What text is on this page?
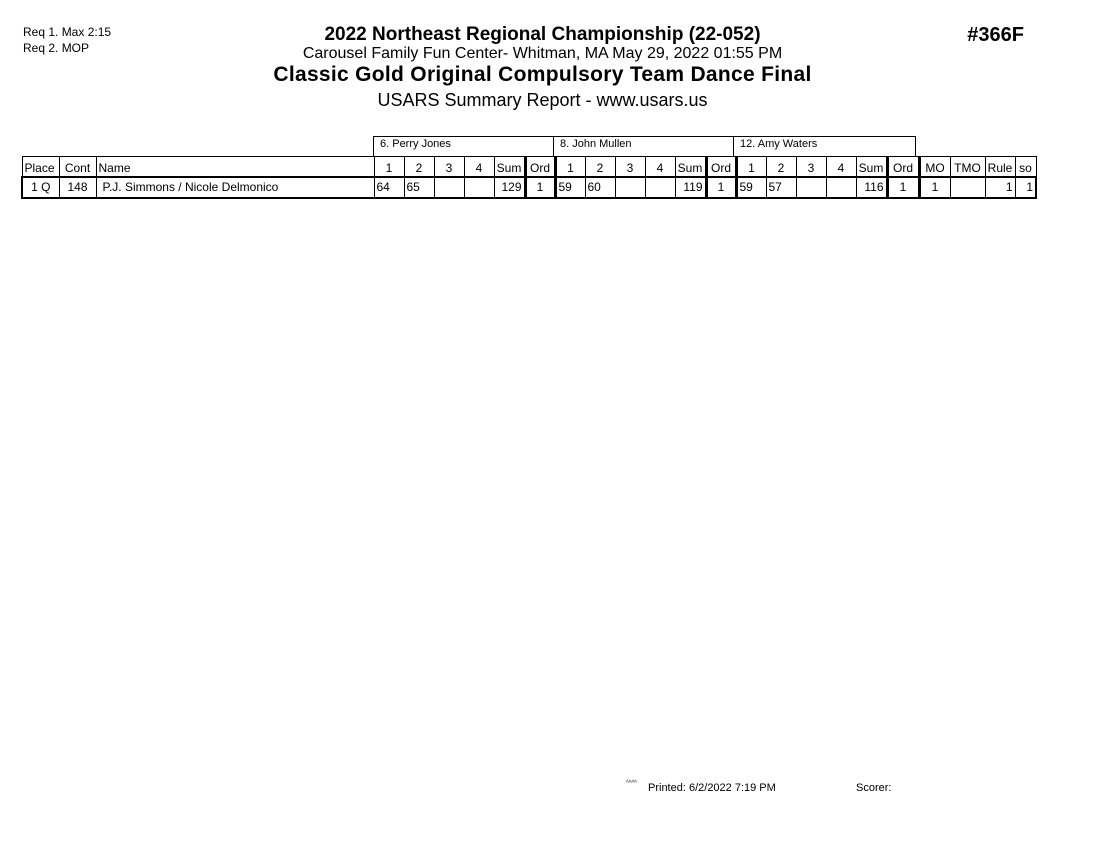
Req 1. Max 2:15
Req 2. MOP
2022 Northeast Regional Championship (22-052)
Carousel Family Fun Center- Whitman, MA May 29, 2022 01:55 PM
Classic Gold Original Compulsory Team Dance Final
USARS Summary Report - www.usars.us
#366F
6. Perry Jones	8. John Mullen	12. Amy Waters
Place	Cont	Name	1	2	3	4	Sum	Ord	1	2	3	4	Sum	Ord	1	2	3	4	Sum	Ord	MO	TMO	Rule	so
1 Q	148	P.J. Simmons / Nicole Delmonico	64	65			129	1	59	60			119	1	59	57			116	1	1		1	1
ᴬᴬᴬᴬ Printed: 6/2/2022 7:19 PM	Scorer:
